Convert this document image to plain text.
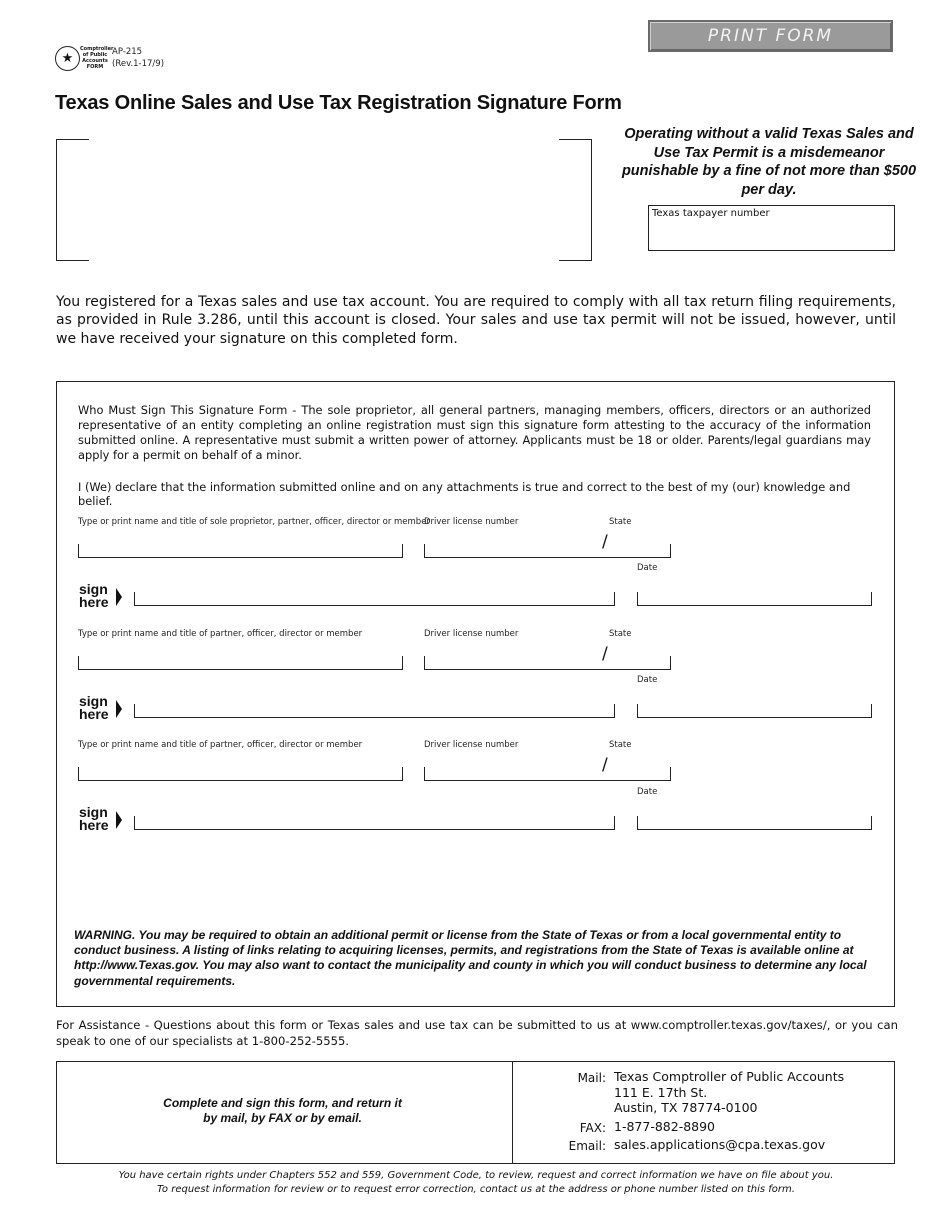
PRINT FORM
★
Comptroller of Public Accounts FORM
AP-215
(Rev.1-17/9)
Texas Online Sales and Use Tax Registration Signature Form
Operating without a valid Texas Sales and Use Tax Permit is a misdemeanor punishable by a fine of not more than $500 per day.
Texas taxpayer number
You registered for a Texas sales and use tax account. You are required to comply with all tax return filing requirements, as provided in Rule 3.286, until this account is closed. Your sales and use tax permit will not be issued, however, until we have received your signature on this completed form.
Who Must Sign This Signature Form - The sole proprietor, all general partners, managing members, officers, directors or an authorized representative of an entity completing an online registration must sign this signature form attesting to the accuracy of the information submitted online. A representative must submit a written power of attorney. Applicants must be 18 or older. Parents/legal guardians may apply for a permit on behalf of a minor.
I (We) declare that the information submitted online and on any attachments is true and correct to the best of my (our) knowledge and belief.
Type or print name and title of sole proprietor, partner, officer, director or member
Driver license number	State
/
Date
sign
here
Type or print name and title of partner, officer, director or member	Driver license number	State
/
Date
sign
here
Type or print name and title of partner, officer, director or member	Driver license number	State
/
Date
sign
here
WARNING. You may be required to obtain an additional permit or license from the State of Texas or from a local governmental entity to conduct business. A listing of links relating to acquiring licenses, permits, and registrations from the State of Texas is available online at http://www.Texas.gov. You may also want to contact the municipality and county in which you will conduct business to determine any local governmental requirements.
For Assistance - Questions about this form or Texas sales and use tax can be submitted to us at www.comptroller.texas.gov/taxes/, or you can speak to one of our specialists at 1-800-252-5555.
Complete and sign this form, and return it
by mail, by FAX or by email.
Mail: Texas Comptroller of Public Accounts
111 E. 17th St.
Austin, TX 78774-0100
FAX: 1-877-882-8890
Email: sales.applications@cpa.texas.gov
You have certain rights under Chapters 552 and 559, Government Code, to review, request and correct information we have on file about you.
To request information for review or to request error correction, contact us at the address or phone number listed on this form.
